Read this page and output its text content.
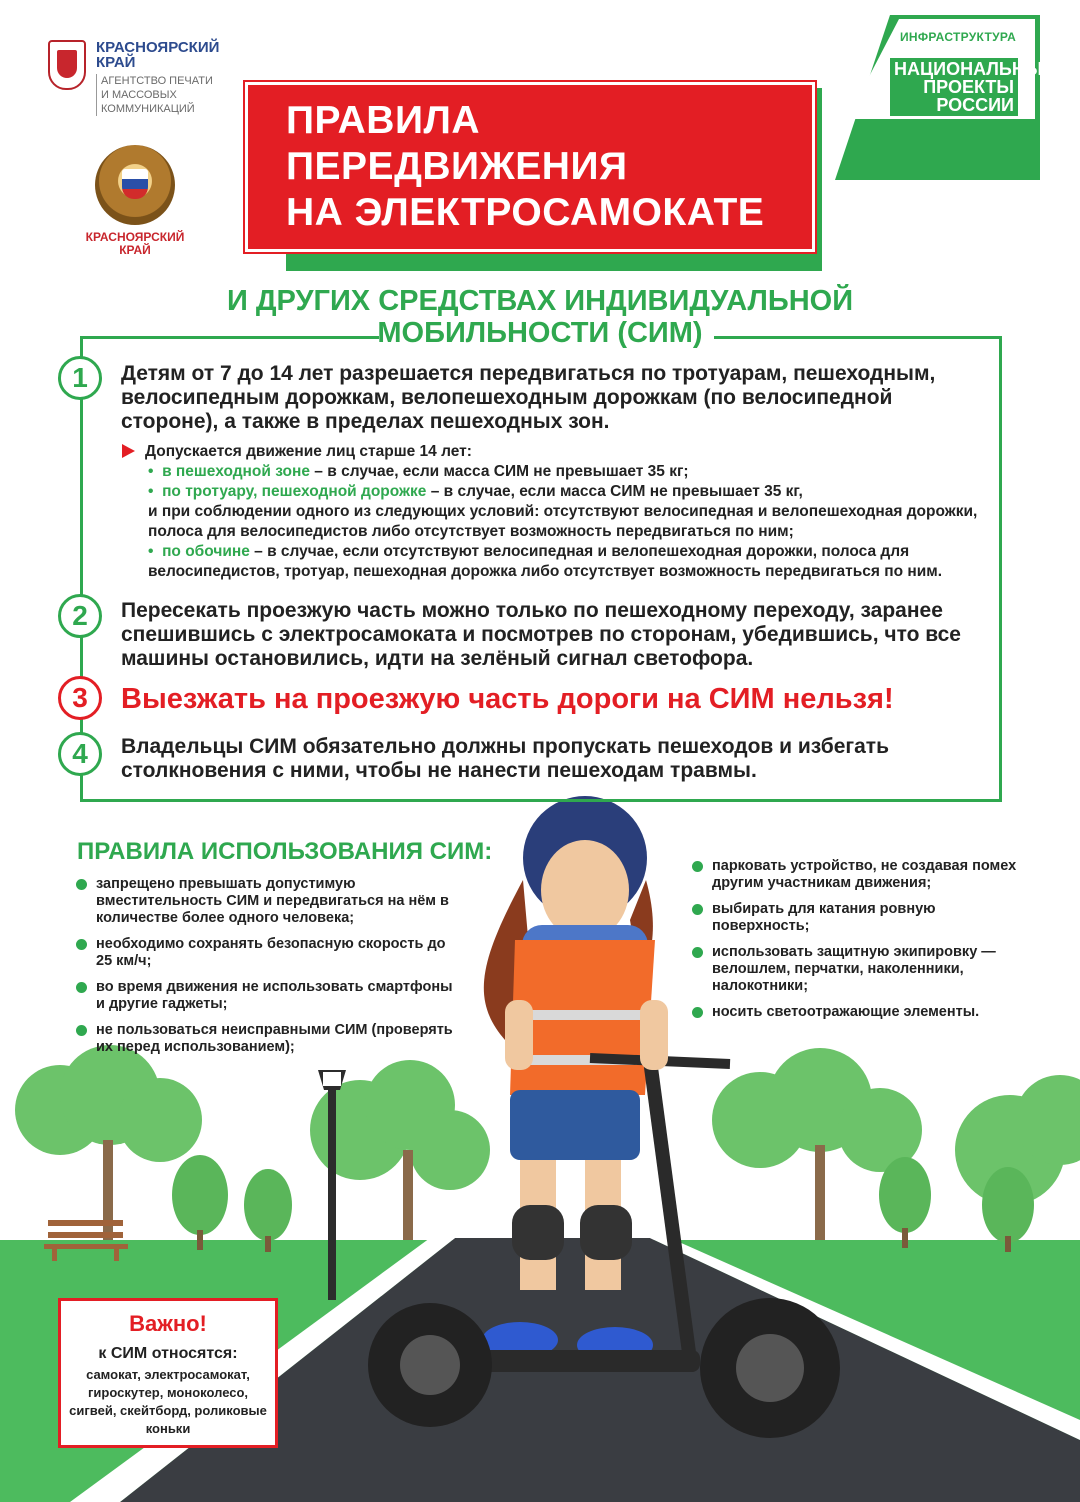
КРАСНОЯРСКИЙ КРАЙ
АГЕНТСТВО ПЕЧАТИ И МАССОВЫХ КОММУНИКАЦИЙ
КРАСНОЯРСКИЙ КРАЙ
ИНФРАСТРУКТУРА
НАЦИОНАЛЬНЫЕ ПРОЕКТЫ РОССИИ
ПРАВИЛА ПЕРЕДВИЖЕНИЯ
НА ЭЛЕКТРОСАМОКАТЕ
И ДРУГИХ СРЕДСТВАХ ИНДИВИДУАЛЬНОЙ
МОБИЛЬНОСТИ (СИМ)
1	Детям от 7 до 14 лет разрешается передвигаться по тротуарам, пешеходным, велосипедным дорожкам, велопешеходным дорожкам (по велосипедной стороне), а также в пределах пешеходных зон.
Допускается движение лиц старше 14 лет:
• в пешеходной зоне – в случае, если масса СИМ не превышает 35 кг;
• по тротуару, пешеходной дорожке – в случае, если масса СИМ не превышает 35 кг,
и при соблюдении одного из следующих условий: отсутствуют велосипедная и велопешеходная дорожки, полоса для велосипедистов либо отсутствует возможность передвигаться по ним;
• по обочине – в случае, если отсутствуют велосипедная и велопешеходная дорожки, полоса для
велосипедистов, тротуар, пешеходная дорожка либо отсутствует возможность передвигаться по ним.
2	Пересекать проезжую часть можно только по пешеходному переходу, заранее спешившись с электросамоката и посмотрев по сторонам, убедившись, что все машины остановились, идти на зелёный сигнал светофора.
3	Выезжать на проезжую часть дороги на СИМ нельзя!
4	Владельцы СИМ обязательно должны пропускать пешеходов и избегать столкновения с ними, чтобы не нанести пешеходам травмы.
ПРАВИЛА ИСПОЛЬЗОВАНИЯ СИМ:
запрещено превышать допустимую вместительность СИМ и передвигаться на нём в количестве более одного человека;
необходимо сохранять безопасную скорость до 25 км/ч;
во время движения не использовать смартфоны и другие гаджеты;
не пользоваться неисправными СИМ (проверять их перед использованием);
парковать устройство, не создавая помех другим участникам движения;
выбирать для катания ровную поверхность;
использовать защитную экипировку — велошлем, перчатки, наколенники, налокотники;
носить светоотражающие элементы.
Важно!
к СИМ относятся:
самокат, электросамокат, гироскутер, моноколесо, сигвей, скейтборд, роликовые коньки
